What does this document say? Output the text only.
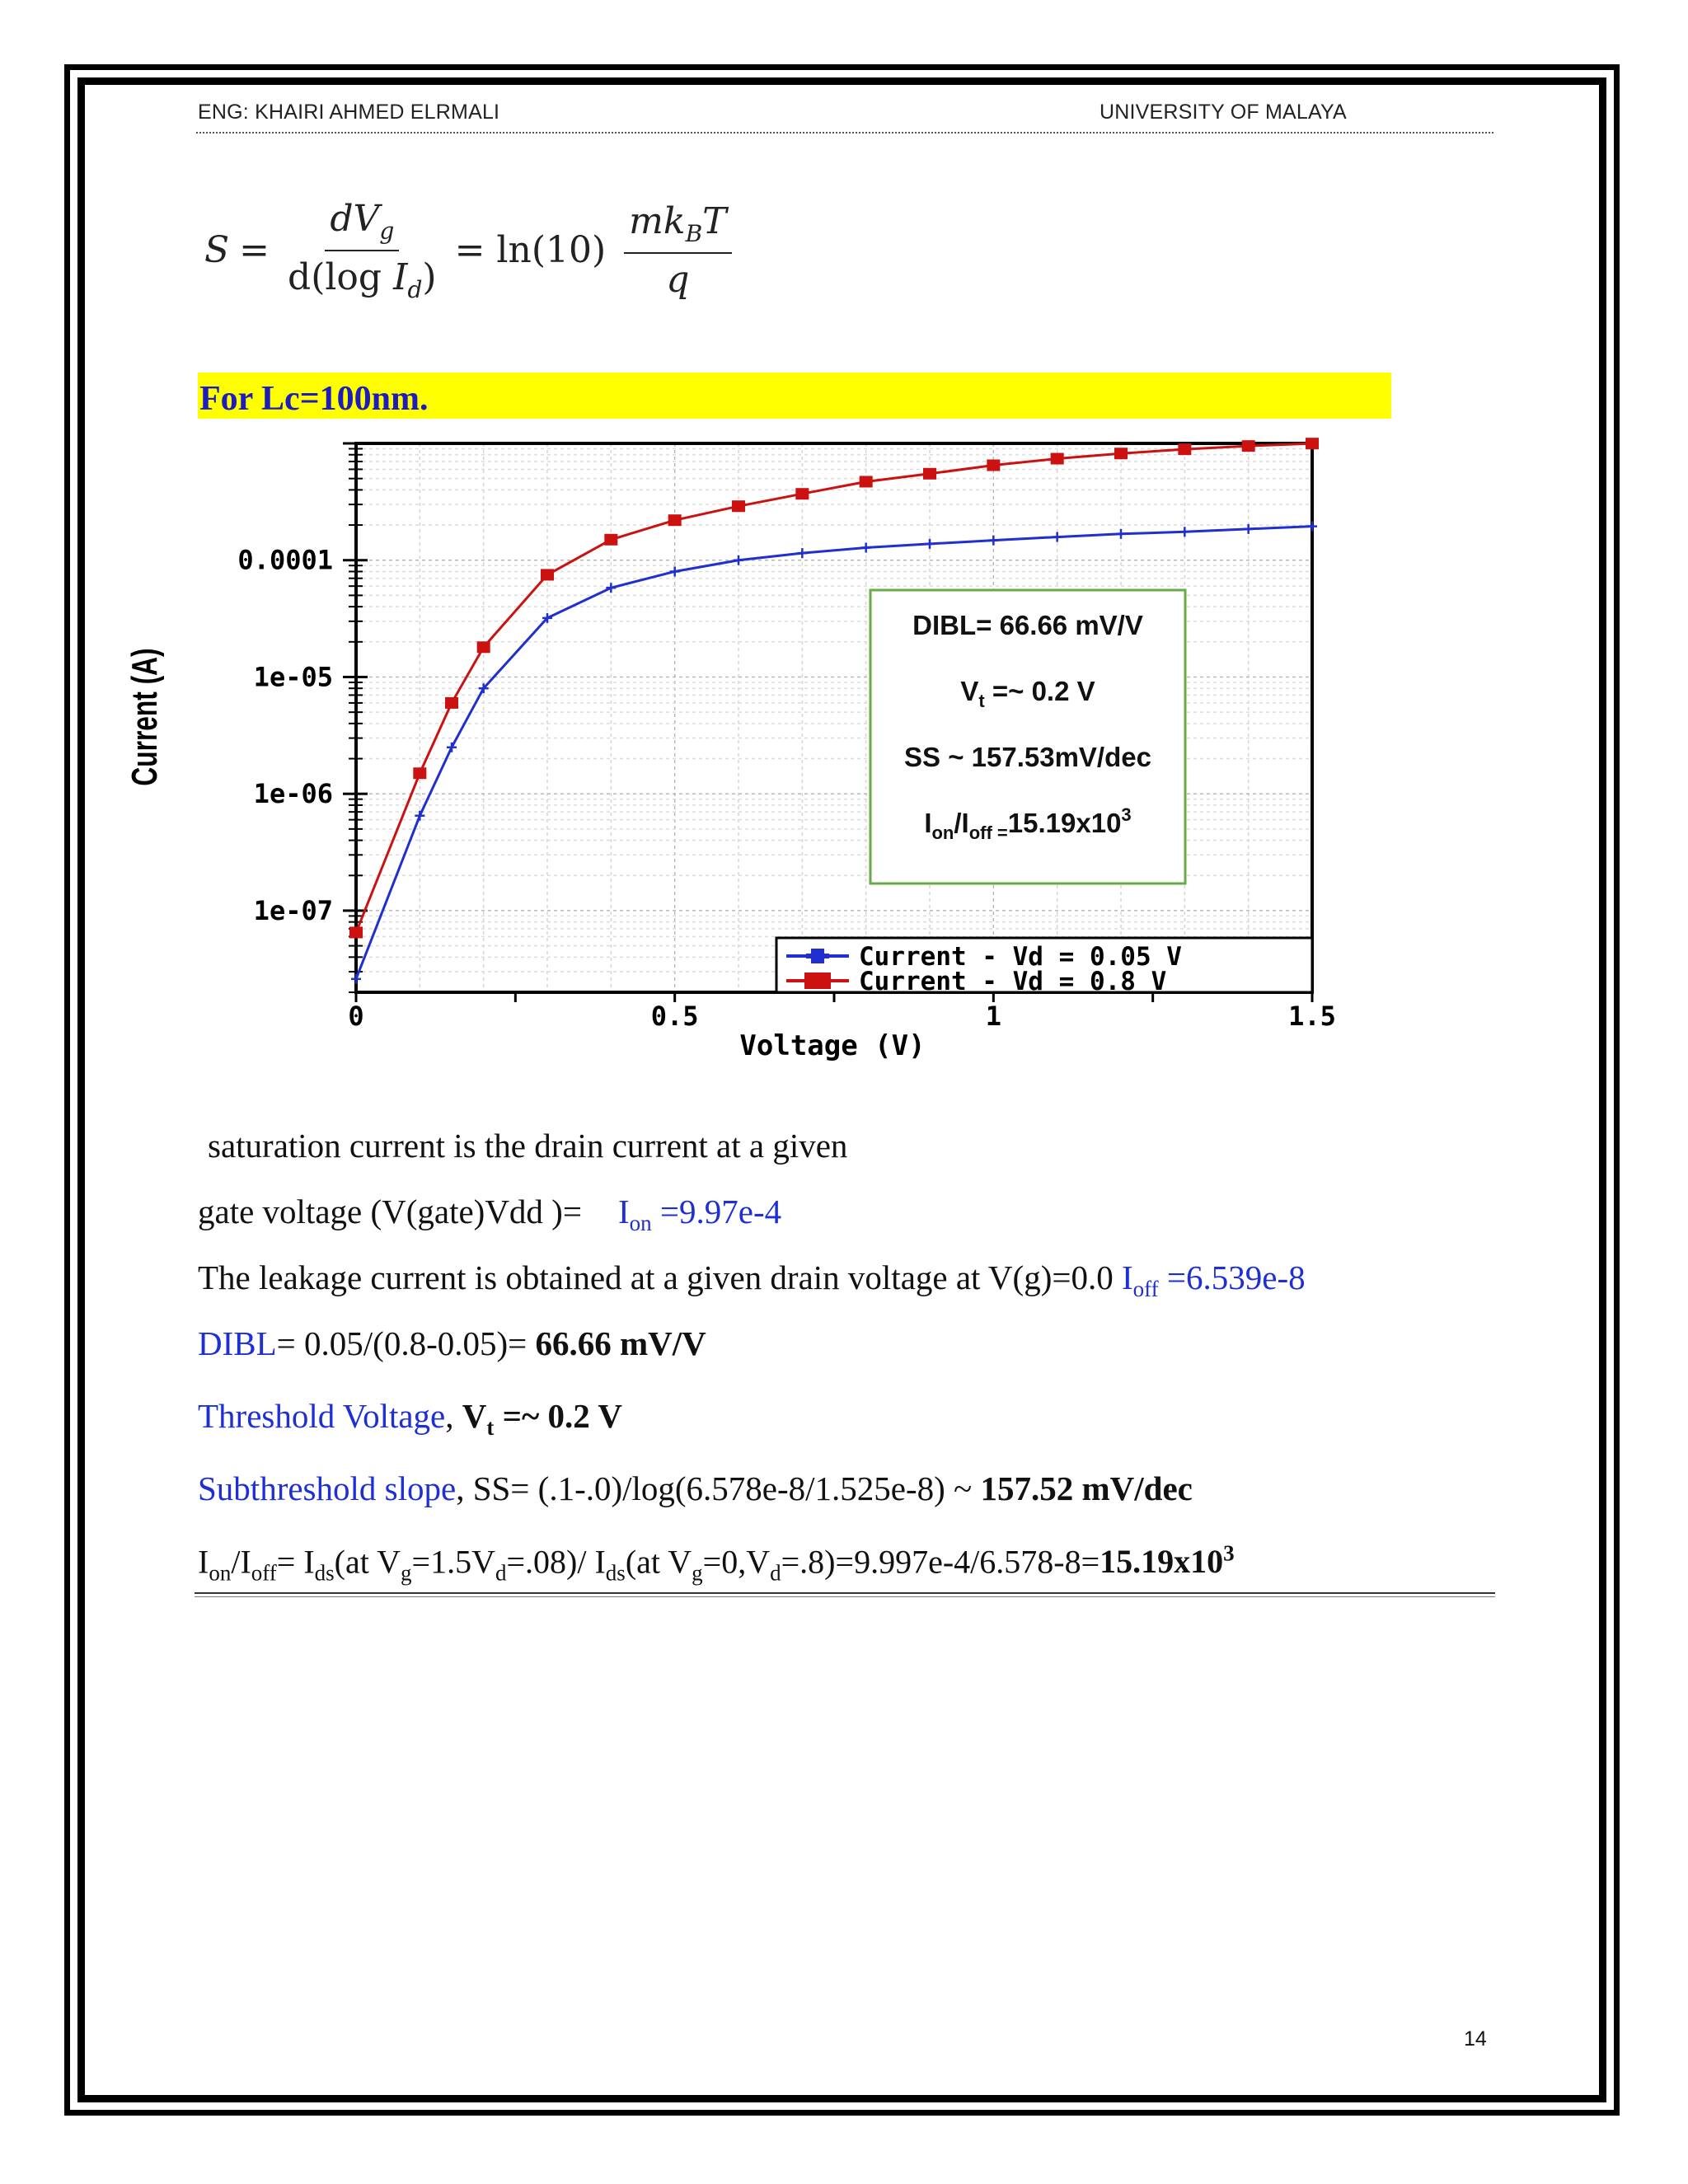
ENG: KHAIRI AHMED ELRMALI	UNIVERSITY OF MALAYA
$S = \frac{dV_g}{d(\log I_d)} = \ln(10) \frac{mk_BT}{q}$
For Lc=100nm.
0	0.5	1	1.5
1e-07
1e-06
1e-05
0.0001
Voltage (V)
Current (A)
DIBL= 66.66 mV/V
$V_t$ =~ 0.2 V
SS ~ 157.53mV/dec
$I_{on}/I_{off =}15.19x10^3$
Current - Vd = 0.05 V
Current - Vd = 0.8 V
saturation current is the drain current at a given
gate voltage (V(gate)Vdd )= $I_{on} =9.97e-4$
The leakage current is obtained at a given drain voltage at V(g)=0.0 $I_{off} =6.539e-8$
DIBL= 0.05/(0.8-0.05)= 66.66 mV/V
Threshold Voltage, $V_t$ =~ 0.2 V
Subthreshold slope, SS= (.1-.0)/log(6.578e-8/1.525e-8) ~ 157.52 mV/dec
$I_{on}/I_{off}= I_{ds}(at$ $V_g=1.5V_d=.08)/$ $I_{ds}(at$ $V_g=0,V_d=.8)=9.997e-4/6.578-8=15.19x10^3$
14
